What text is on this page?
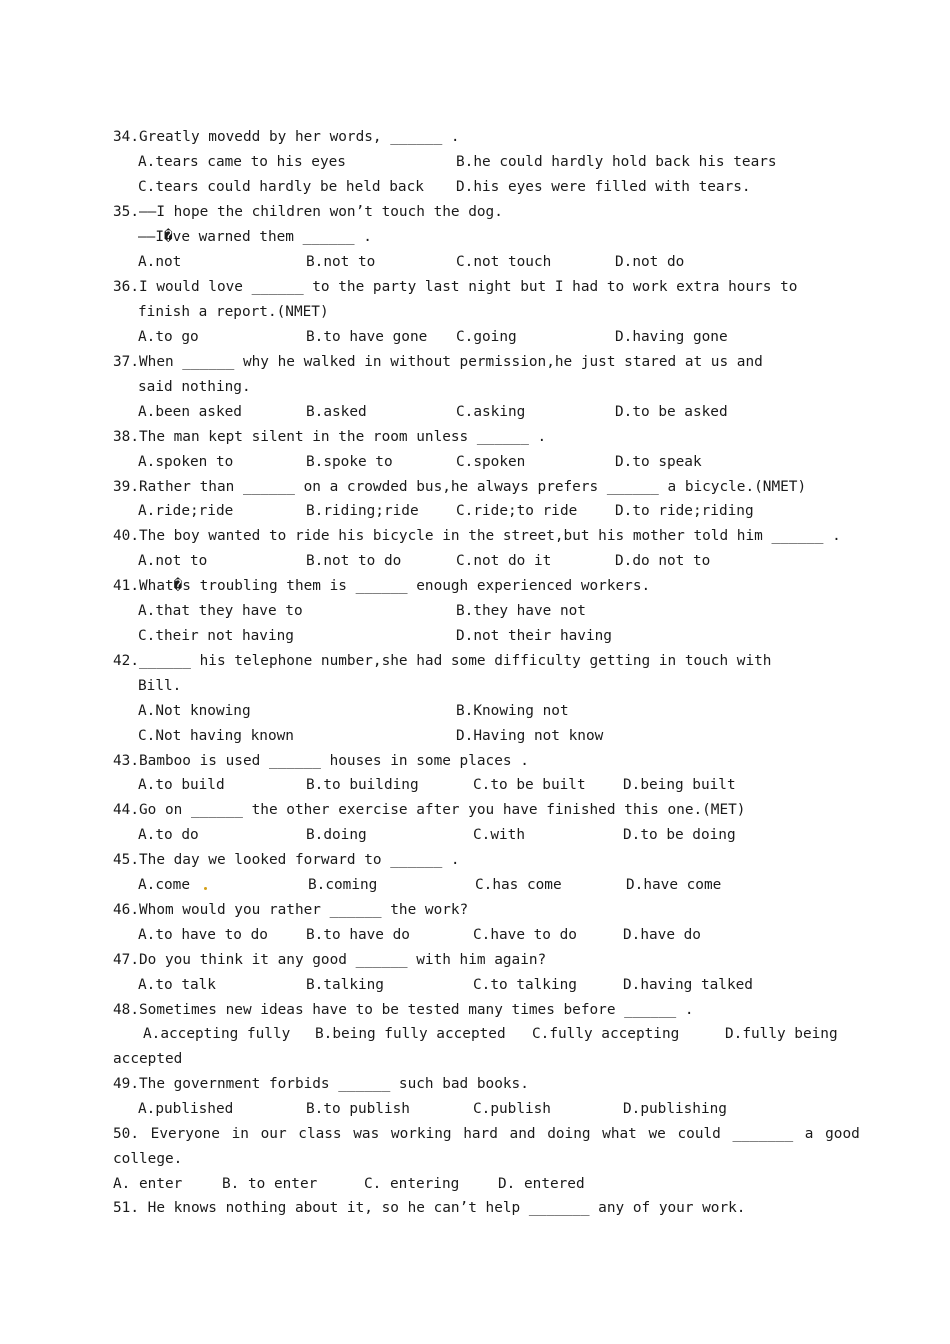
34.Greatly movedd by her words, ______ .
A.tears came to his eyes	B.he could hardly hold back his tears
C.tears could hardly be held back D.his eyes were filled with tears.
35.——I hope the children won’t touch the dog.
——I�ve warned them ______ .
A.not	B.not to	C.not touch	D.not do
36.I would love ______ to the party last night but I had to work extra hours to
finish a report.(NMET)
A.to go	B.to have gone C.going	D.having gone
37.When ______ why he walked in without permission,he just stared at us and
said nothing.
A.been asked	B.asked	C.asking	D.to be asked
38.The man kept silent in the room unless ______ .
A.spoken to	B.spoke to	C.spoken	D.to speak
39.Rather than ______ on a crowded bus,he always prefers ______ a bicycle.(NMET)
A.ride;ride	B.riding;ride	C.ride;to ride	D.to ride;riding
40.The boy wanted to ride his bicycle in the street,but his mother told him ______ .
A.not to	B.not to do	C.not do it	D.do not to
41.What�s troubling them is ______ enough experienced workers.
A.that they have to	B.they have not
C.their not having	D.not their having
42.______ his telephone number,she had some difficulty getting in touch with
Bill.
A.Not knowing	B.Knowing not
C.Not having known	D.Having not know
43.Bamboo is used ______ houses in some places .
A.to build	B.to building	C.to be built	D.being built
44.Go on ______ the other exercise after you have finished this one.(MET)
A.to do	B.doing	C.with	D.to be doing
45.The day we looked forward to ______ .
A.come	B.coming	C.has come	D.have come
46.Whom would you rather ______ the work?
A.to have to do	B.to have do	C.have to do	D.have do
47.Do you think it any good ______ with him again?
A.to talk	B.talking	C.to talking	D.having talked
48.Sometimes new ideas have to be tested many times before ______ .
A.accepting fully B.being fully accepted C.fully accepting	D.fully being
accepted
49.The government forbids ______ such bad books.
A.published	B.to publish	C.publish	D.publishing
50. Everyone in our class was working hard and doing what we could _______ a good
college.
A. enter	B. to enter	C. entering	D. entered
51. He knows nothing about it, so he can’t help _______ any of your work.
